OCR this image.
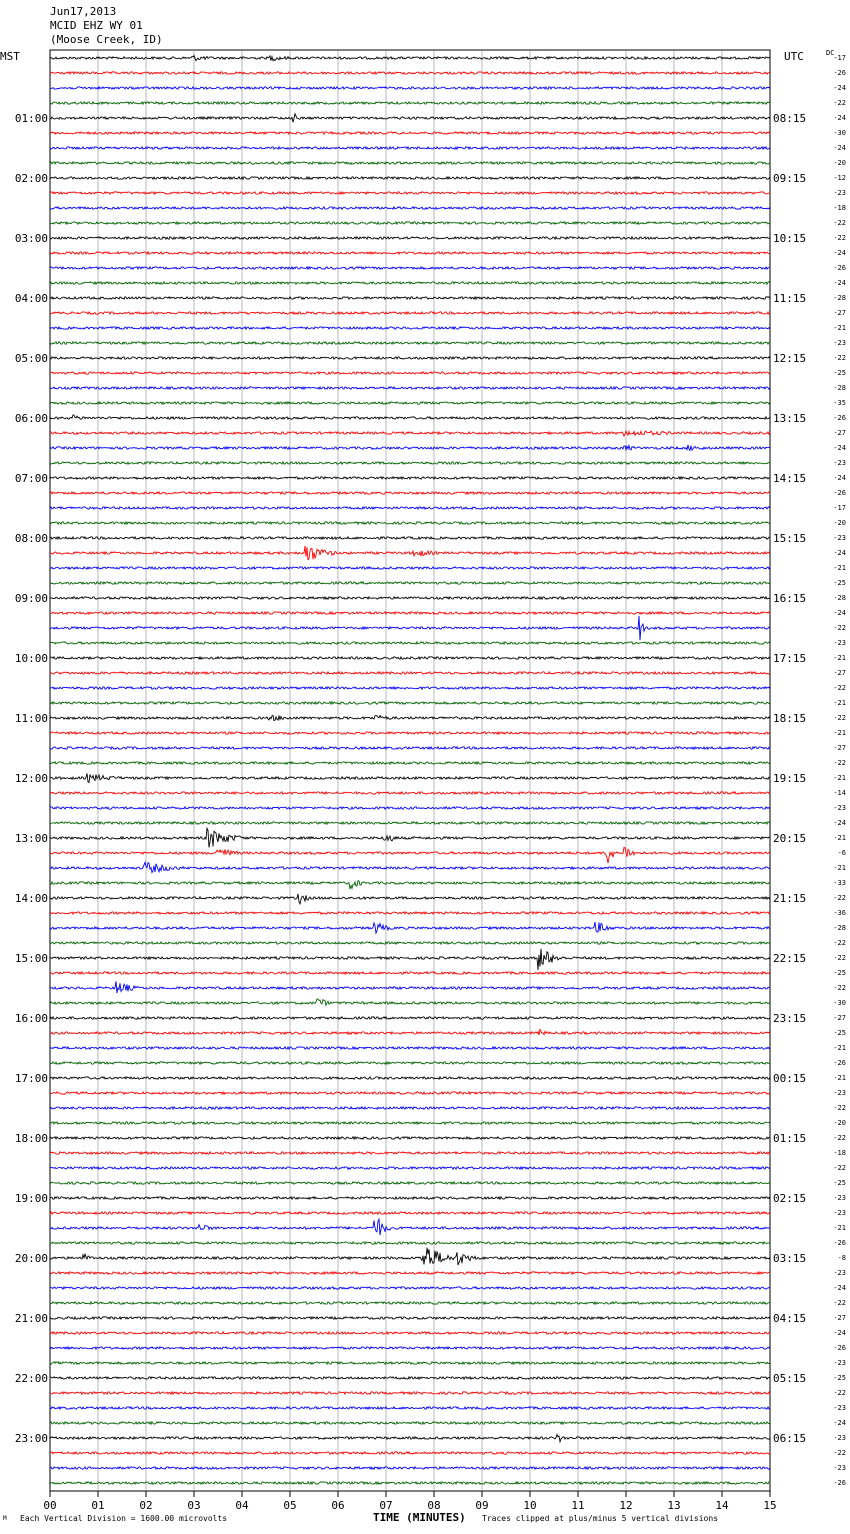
Jun17,2013
MCID EHZ WY 01
(Moose Creek, ID)
MST	UTC	DC
00	01	02	03	04	05	06	07	08	09	10	11	12	13	14	15
-17
-26
-24
-22
-24
-30
-24
-20
-12
-23
-18
-22
-22
-24
-26
-24
-28
-27
-21
-23
-22
-25
-28
-35
-26
-27
-24
-23
-24
-26
-17
-20
-23
-24
-21
-25
-28
-24
-22
-23
-21
-27
-22
-21
-22
-21
-27
-22
-21
-14
-23
-24
-21
-6
-21
-33
-22
-36
-28
-22
-22
-25
-22
-30
-27
-25
-21
-26
-21
-23
-22
-20
-22
-18
-22
-25
-23
-23
-21
-26
-8
-23
-24
-22
-27
-24
-26
-23
-25
-22
-23
-24
-23
-22
-23
-26
01:00	08:15
02:00	09:15
03:00	10:15
04:00	11:15
05:00	12:15
06:00	13:15
07:00	14:15
08:00	15:15
09:00	16:15
10:00	17:15
11:00	18:15
12:00	19:15
13:00	20:15
14:00	21:15
15:00	22:15
16:00	23:15
17:00	00:15
18:00	01:15
19:00	02:15
20:00	03:15
21:00	04:15
22:00	05:15
23:00	06:15
M Each Vertical Division = 1600.00 microvolts	TIME (MINUTES) Traces clipped at plus/minus 5 vertical divisions
